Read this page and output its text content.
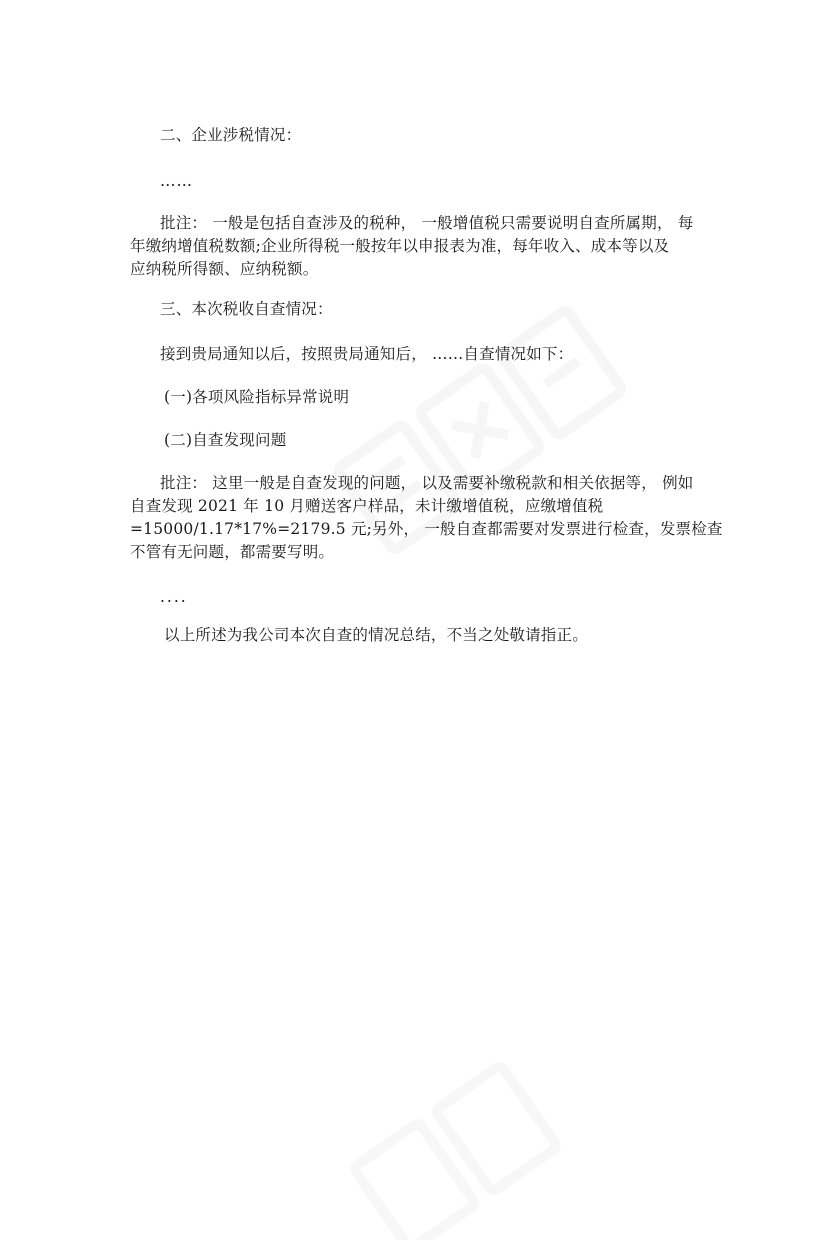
二、企业涉税情况：
……
批注： 一般是包括自查涉及的税种， 一般增值税只需要说明自查所属期， 每
年缴纳增值税数额;企业所得税一般按年以申报表为准，每年收入、成本等以及
应纳税所得额、应纳税额。
三、本次税收自查情况：
接到贵局通知以后，按照贵局通知后， ……自查情况如下：
(一)各项风险指标异常说明
(二)自查发现问题
批注： 这里一般是自查发现的问题， 以及需要补缴税款和相关依据等， 例如
自查发现 2021 年 10 月赠送客户样品，未计缴增值税，应缴增值税
=15000/1.17*17%=2179.5 元;另外， 一般自查都需要对发票进行检查，发票检查
不管有无问题，都需要写明。
....
以上所述为我公司本次自查的情况总结，不当之处敬请指正。
